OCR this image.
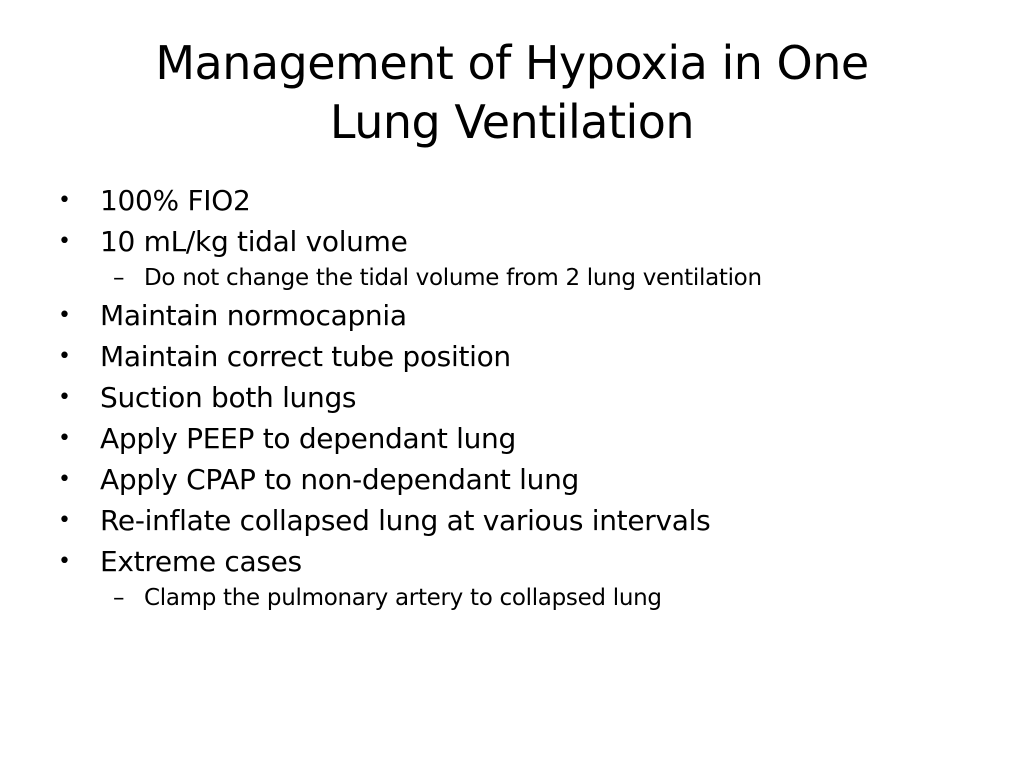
Management of Hypoxia in One
Lung Ventilation
• 100% FIO2
• 10 mL/kg tidal volume
– Do not change the tidal volume from 2 lung ventilation
• Maintain normocapnia
• Maintain correct tube position
• Suction both lungs
• Apply PEEP to dependant lung
• Apply CPAP to non-dependant lung
• Re-inflate collapsed lung at various intervals
• Extreme cases
– Clamp the pulmonary artery to collapsed lung
